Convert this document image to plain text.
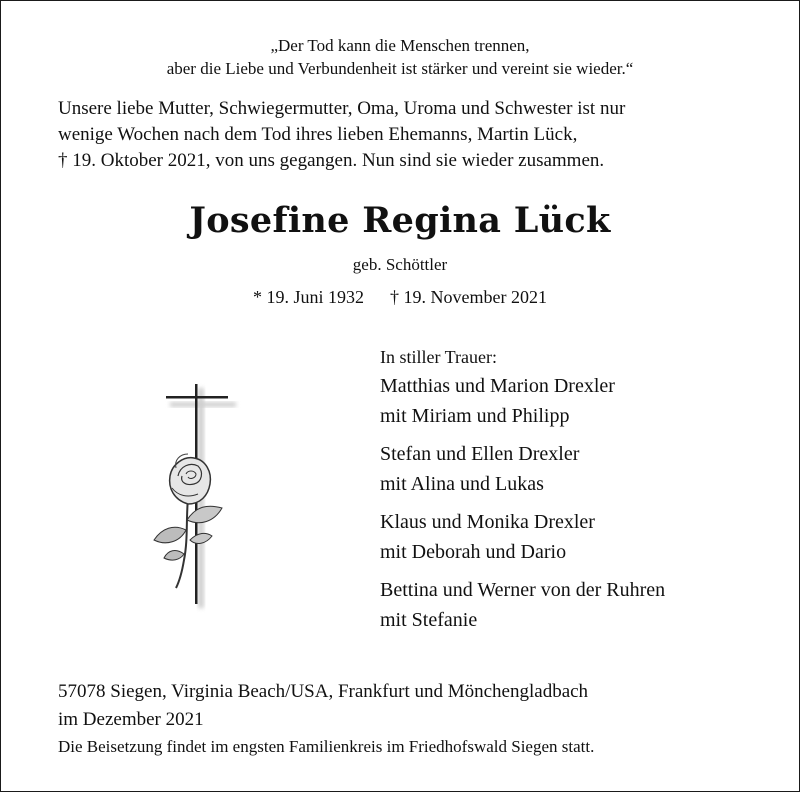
„Der Tod kann die Menschen trennen,
aber die Liebe und Verbundenheit ist stärker und vereint sie wieder.“
Unsere liebe Mutter, Schwiegermutter, Oma, Uroma und Schwester ist nur
wenige Wochen nach dem Tod ihres lieben Ehemanns, Martin Lück,
† 19. Oktober 2021, von uns gegangen. Nun sind sie wieder zusammen.
Josefine Regina Lück
geb. Schöttler
* 19. Juni 1932 † 19. November 2021
In stiller Trauer:
Matthias und Marion Drexler
mit Miriam und Philipp
Stefan und Ellen Drexler
mit Alina und Lukas
Klaus und Monika Drexler
mit Deborah und Dario
Bettina und Werner von der Ruhren
mit Stefanie
57078 Siegen, Virginia Beach/USA, Frankfurt und Mönchengladbach
im Dezember 2021
Die Beisetzung findet im engsten Familienkreis im Friedhofswald Siegen statt.
